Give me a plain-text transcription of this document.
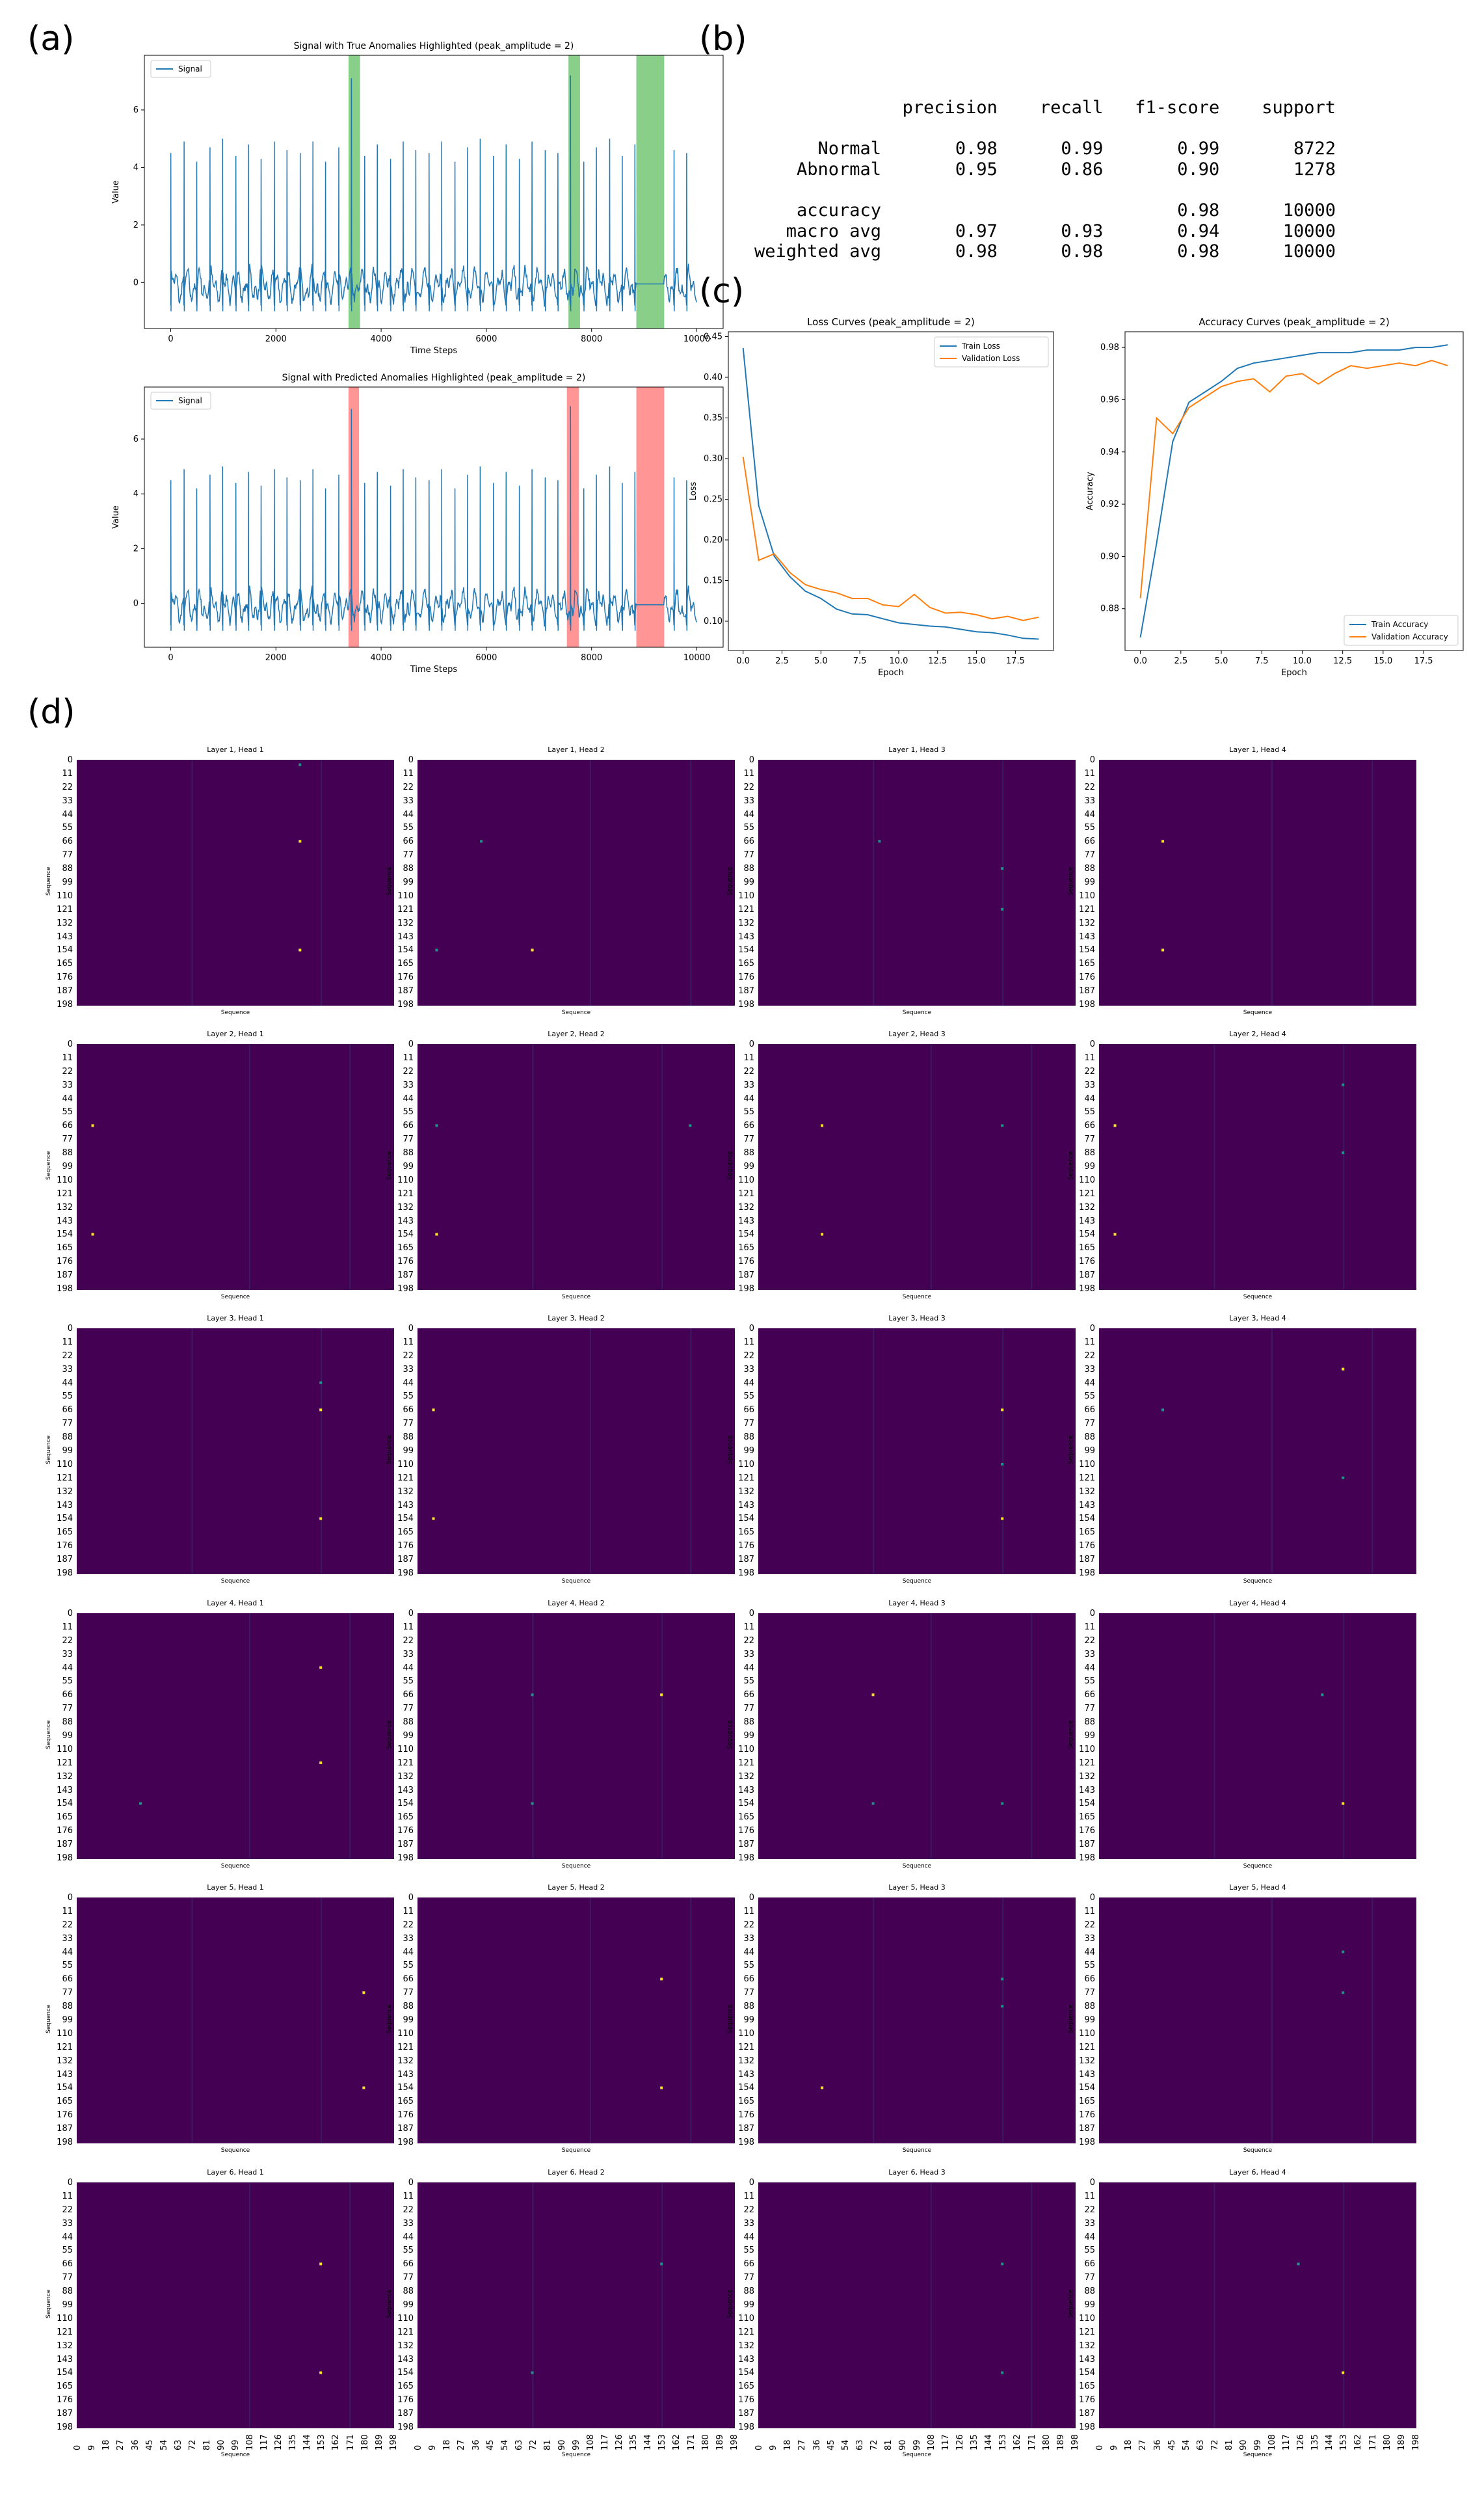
(a)	(b)
(c)
(d)
Signal with True Anomalies Highlighted (peak_amplitude = 2)
0	2000	4000	6000	8000	10000
0
2
4
6
Time Steps
Value
Signal
Signal with Predicted Anomalies Highlighted (peak_amplitude = 2)
0	2000	4000	6000	8000	10000
0
2
4
6
Time Steps
Value
Signal
precision    recall   f1-score    support

Normal       0.98      0.99       0.99       8722
Abnormal       0.95      0.86       0.90       1278

accuracy                            0.98      10000
macro avg       0.97      0.93       0.94      10000
weighted avg       0.98      0.98       0.98      10000

Loss Curves (peak_amplitude = 2)
0.0	2.5	5.0	7.5	10.0 12.5 15.0 17.5
0.10
0.15
0.20
0.25
0.30
0.35
0.40
0.45
Epoch
Loss
Train Loss
Validation Loss
Accuracy Curves (peak_amplitude = 2)
0.0	2.5	5.0	7.5	10.0	12.5	15.0	17.5
0.88
0.90
0.92
0.94
0.96
0.98
Epoch
Accuracy
Train Accuracy
Validation Accuracy
Layer 1, Head 1
0
11
22
33
44
55
66
77
88
99
110
121
132
143
154
165
176
187
198
Sequence
Sequence
Layer 1, Head 2
0
11
22
33
44
55
66
77
88
99
110
121
132
143
154
165
176
187
198
Sequence
Sequence
Layer 1, Head 3
0
11
22
33
44
55
66
77
88
99
110
121
132
143
154
165
176
187
198
Sequence
Sequence
Layer 1, Head 4
0
11
22
33
44
55
66
77
88
99
110
121
132
143
154
165
176
187
198
Sequence
Sequence
Layer 2, Head 1
0
11
22
33
44
55
66
77
88
99
110
121
132
143
154
165
176
187
198
Sequence
Sequence
Layer 2, Head 2
0
11
22
33
44
55
66
77
88
99
110
121
132
143
154
165
176
187
198
Sequence
Sequence
Layer 2, Head 3
0
11
22
33
44
55
66
77
88
99
110
121
132
143
154
165
176
187
198
Sequence
Sequence
Layer 2, Head 4
0
11
22
33
44
55
66
77
88
99
110
121
132
143
154
165
176
187
198
Sequence
Sequence
Layer 3, Head 1
0
11
22
33
44
55
66
77
88
99
110
121
132
143
154
165
176
187
198
Sequence
Sequence
Layer 3, Head 2
0
11
22
33
44
55
66
77
88
99
110
121
132
143
154
165
176
187
198
Sequence
Sequence
Layer 3, Head 3
0
11
22
33
44
55
66
77
88
99
110
121
132
143
154
165
176
187
198
Sequence
Sequence
Layer 3, Head 4
0
11
22
33
44
55
66
77
88
99
110
121
132
143
154
165
176
187
198
Sequence
Sequence
Layer 4, Head 1
0
11
22
33
44
55
66
77
88
99
110
121
132
143
154
165
176
187
198
Sequence
Sequence
Layer 4, Head 2
0
11
22
33
44
55
66
77
88
99
110
121
132
143
154
165
176
187
198
Sequence
Sequence
Layer 4, Head 3
0
11
22
33
44
55
66
77
88
99
110
121
132
143
154
165
176
187
198
Sequence
Sequence
Layer 4, Head 4
0
11
22
33
44
55
66
77
88
99
110
121
132
143
154
165
176
187
198
Sequence
Sequence
Layer 5, Head 1
0
11
22
33
44
55
66
77
88
99
110
121
132
143
154
165
176
187
198
Sequence
Sequence
Layer 5, Head 2
0
11
22
33
44
55
66
77
88
99
110
121
132
143
154
165
176
187
198
Sequence
Sequence
Layer 5, Head 3
0
11
22
33
44
55
66
77
88
99
110
121
132
143
154
165
176
187
198
Sequence
Sequence
Layer 5, Head 4
0
11
22
33
44
55
66
77
88
99
110
121
132
143
154
165
176
187
198
Sequence
Sequence
Layer 6, Head 1
0
11
22
33
44
55
66
77
88
99
110
121
132
143
154
165
176
187
198
Sequence
0 9 18 27 36 45 54 63 72 81 90 99 108 117 126 135 144 153 162 171 180 189 198
Sequence
Layer 6, Head 2
0
11
22
33
44
55
66
77
88
99
110
121
132
143
154
165
176
187
198
Sequence
0 9 18 27 36 45 54 63 72 81 90 99 108 117 126 135 144 153 162 171 180 189 198
Sequence
Layer 6, Head 3
0
11
22
33
44
55
66
77
88
99
110
121
132
143
154
165
176
187
198
Sequence
0 9 18 27 36 45 54 63 72 81 90 99 108 117 126 135 144 153 162 171 180 189 198
Sequence
Layer 6, Head 4
0
11
22
33
44
55
66
77
88
99
110
121
132
143
154
165
176
187
198
Sequence
0 9 18 27 36 45 54 63 72 81 90 99 108 117 126 135 144 153 162 171 180 189 198
Sequence
